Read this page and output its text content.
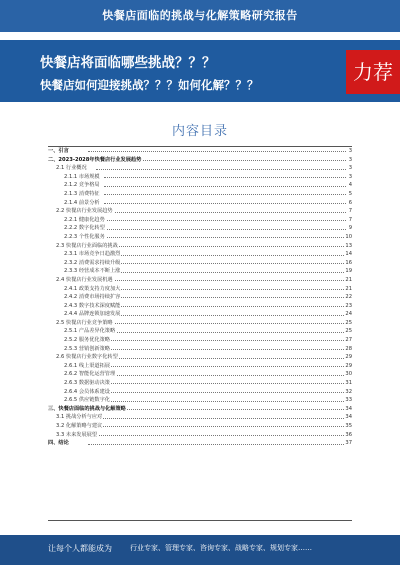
快餐店面临的挑战与化解策略研究报告
快餐店将面临哪些挑战？？？
快餐店如何迎接挑战？？？如何化解？？？
力荐
内容目录
一、引言	3
二、2023-2028年快餐店行业发展趋势	3
2.1 行业概况	3
2.1.1 市场规模	3
2.1.2 竞争格局	4
2.1.3 消费特征	5
2.1.4 前景分析	6
2.2 快餐店行业发展趋势	7
2.2.1 健康化趋势	7
2.2.2 数字化转型	9
2.2.3 个性化服务	10
2.3 快餐店行业面临的挑战	13
2.3.1 市场竞争日趋激烈	14
2.3.2 消费需求持续升级	16
2.3.3 经营成本不断上涨	19
2.4 快餐店行业发展机遇	21
2.4.1 政策支持力度加大	21
2.4.2 消费市场持续扩容	22
2.4.3 数字技术深度赋能	23
2.4.4 品牌连锁加速发展	24
2.5 快餐店行业竞争策略	25
2.5.1 产品差异化策略	25
2.5.2 服务优化策略	27
2.5.3 营销创新策略	28
2.6 快餐店行业数字化转型	29
2.6.1 线上渠道拓展	29
2.6.2 智能化运营管理	30
2.6.3 数据驱动决策	31
2.6.4 会员体系建设	32
2.6.5 供应链数字化	33
三、快餐店面临的挑战与化解策略	34
3.1 挑战分析与应对	34
3.2 化解策略与建议	35
3.3 未来发展展望	36
四、结论	37
让每个人都能成为	行业专家、管理专家、咨询专家、战略专家、规划专家……
